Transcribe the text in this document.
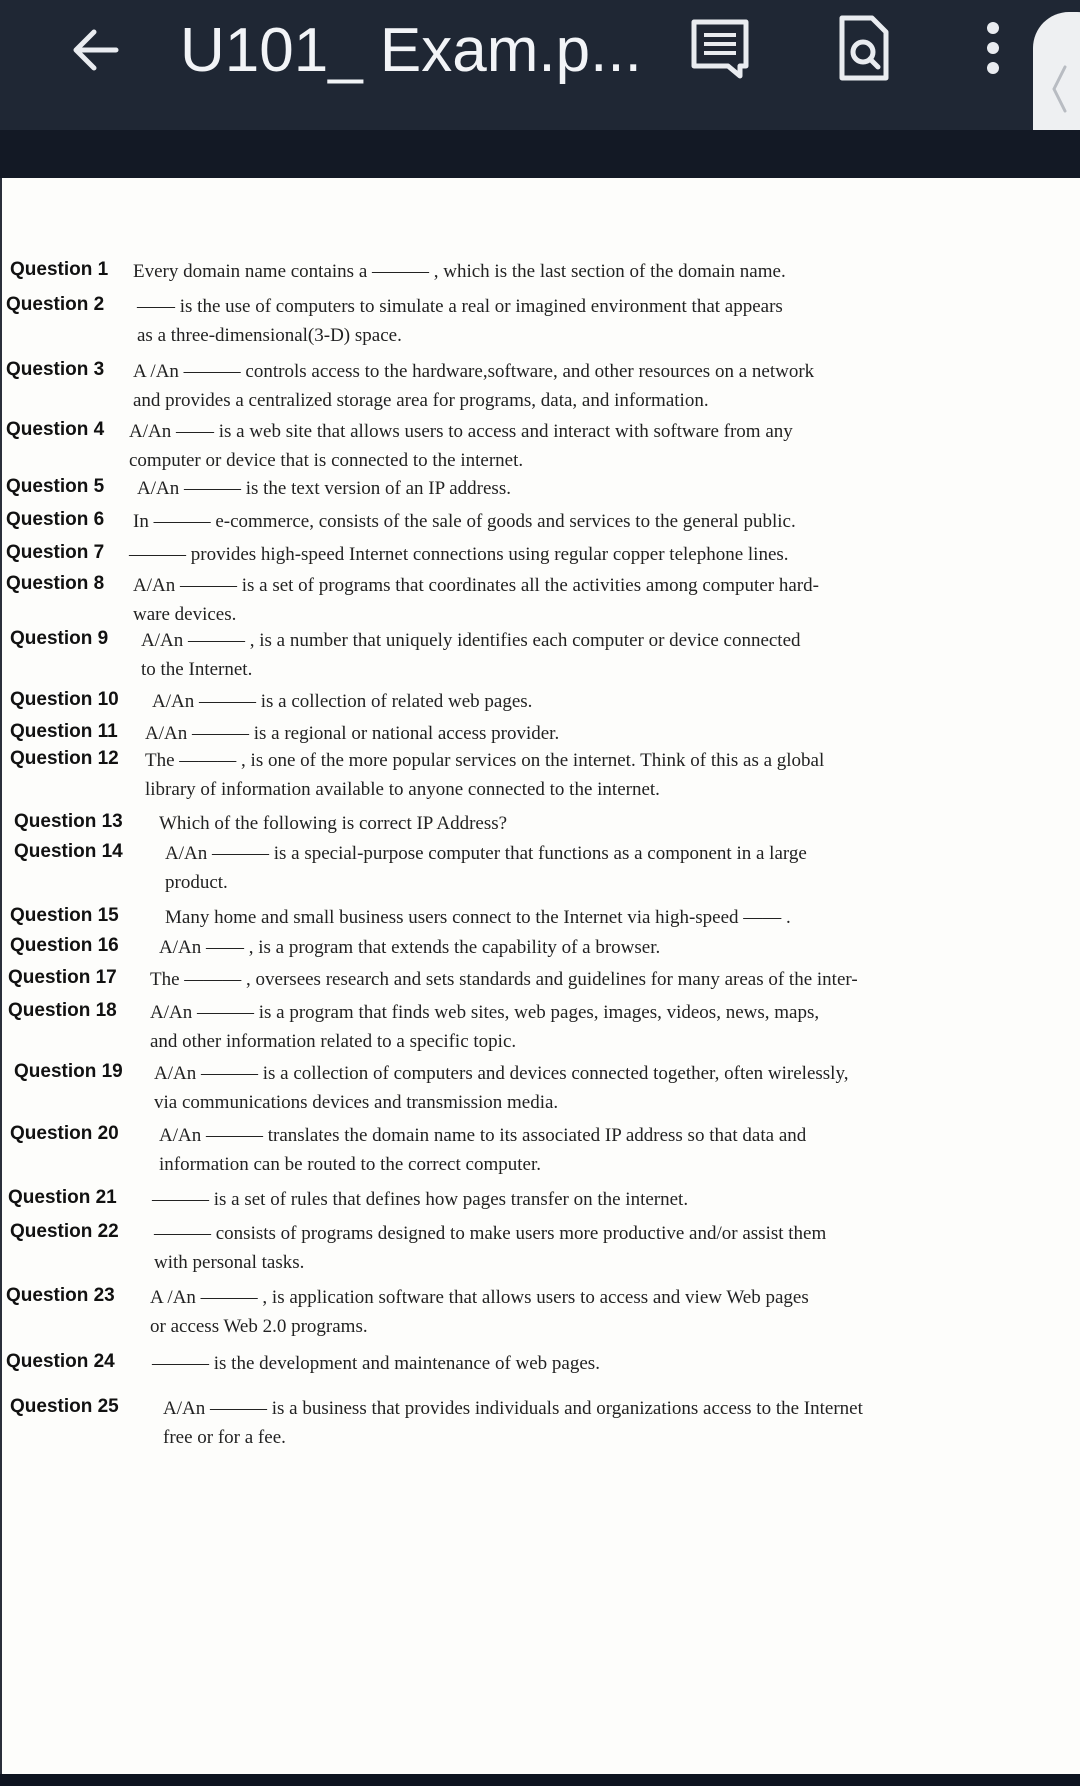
U101_ Exam.p...
Question 1 Every domain name contains a ——— , which is the last section of the domain name.
Question 2 —— is the use of computers to simulate a real or imagined environment that appears
as a three-dimensional(3-D) space.
Question 3 A /An ——— controls access to the hardware,software, and other resources on a network
and provides a centralized storage area for programs, data, and information.
Question 4 A/An —— is a web site that allows users to access and interact with software from any
computer or device that is connected to the internet.
Question 5 A/An ——— is the text version of an IP address.
Question 6 In ——— e-commerce, consists of the sale of goods and services to the general public.
Question 7 ——— provides high-speed Internet connections using regular copper telephone lines.
Question 8 A/An ——— is a set of programs that coordinates all the activities among computer hard-
ware devices.
Question 9 A/An ——— , is a number that uniquely identifies each computer or device connected
to the Internet.
Question 10 A/An ——— is a collection of related web pages.
Question 11 A/An ——— is a regional or national access provider.
Question 12 The ——— , is one of the more popular services on the internet. Think of this as a global
library of information available to anyone connected to the internet.
Question 13 Which of the following is correct IP Address?
Question 14 A/An ——— is a special-purpose computer that functions as a component in a large
product.
Question 15 Many home and small business users connect to the Internet via high-speed —— .
Question 16 A/An —— , is a program that extends the capability of a browser.
Question 17 The ——— , oversees research and sets standards and guidelines for many areas of the inter-
Question 18 A/An ——— is a program that finds web sites, web pages, images, videos, news, maps,
and other information related to a specific topic.
Question 19 A/An ——— is a collection of computers and devices connected together, often wirelessly,
via communications devices and transmission media.
Question 20 A/An ——— translates the domain name to its associated IP address so that data and
information can be routed to the correct computer.
Question 21 ——— is a set of rules that defines how pages transfer on the internet.
Question 22 ——— consists of programs designed to make users more productive and/or assist them
with personal tasks.
Question 23 A /An ——— , is application software that allows users to access and view Web pages
or access Web 2.0 programs.
Question 24 ——— is the development and maintenance of web pages.
Question 25 A/An ——— is a business that provides individuals and organizations access to the Internet
free or for a fee.
